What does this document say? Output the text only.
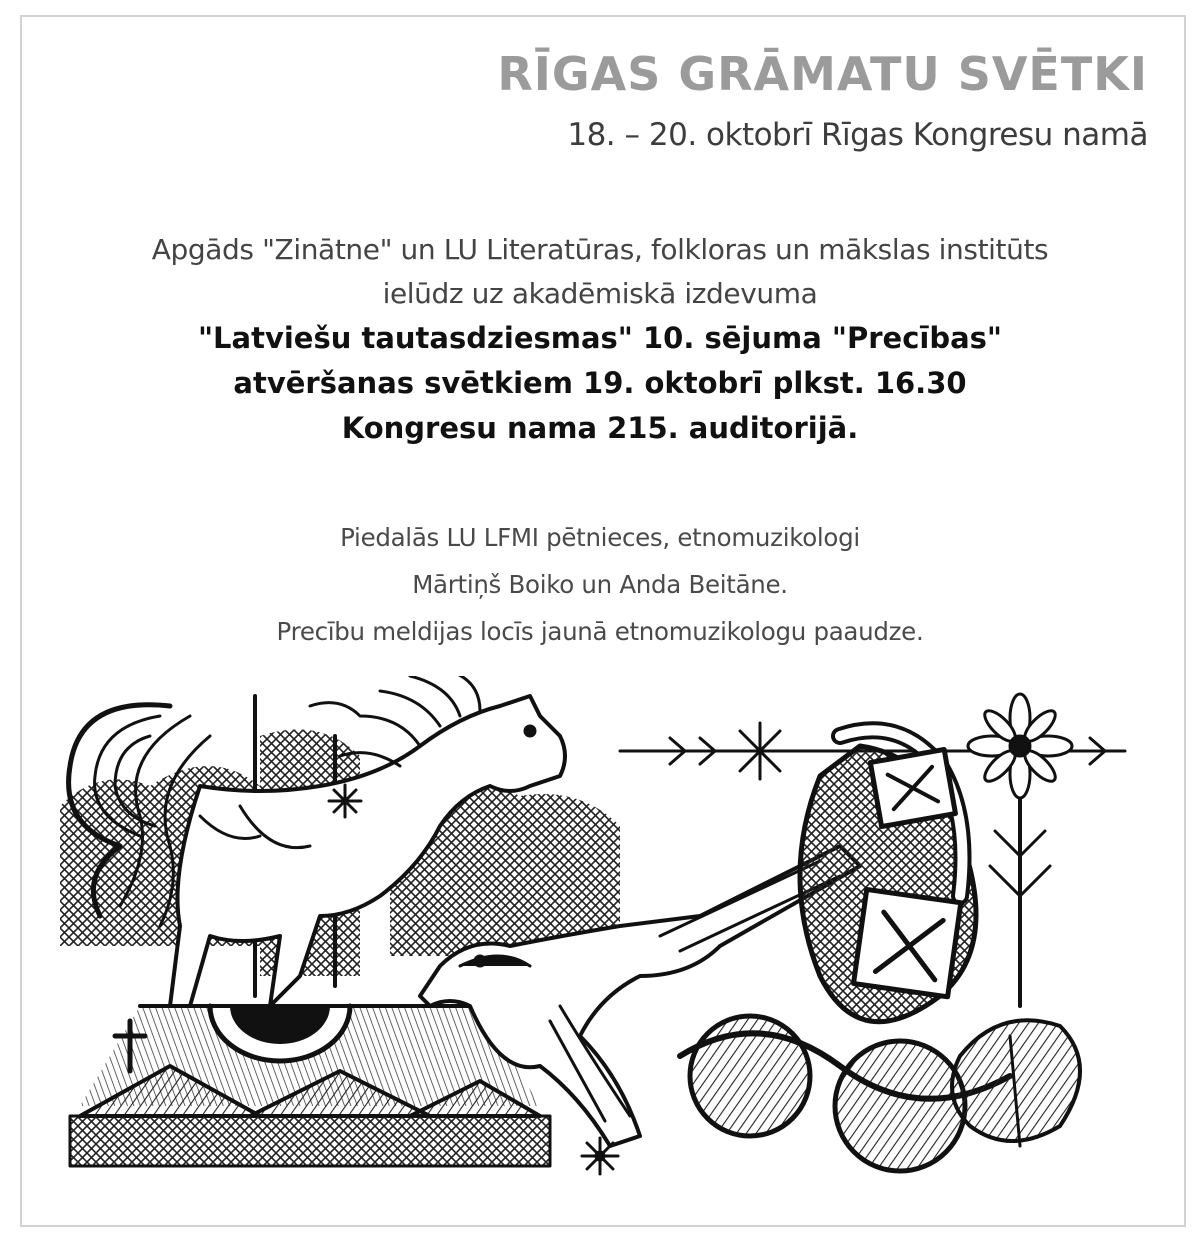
RĪGAS GRĀMATU SVĒTKI
18. – 20. oktobrī Rīgas Kongresu namā

Apgāds "Zinātne" un LU Literatūras, folkloras un mākslas institūts

ielūdz uz akadēmiskā izdevuma

"Latviešu tautasdziesmas" 10. sējuma "Precības"

atvēršanas svētkiem 19. oktobrī plkst. 16.30

Kongresu nama 215. auditorijā.

Piedalās LU LFMI pētnieces, etnomuzikologi

Mārtiņš Boiko un Anda Beitāne.

Precību meldijas locīs jaunā etnomuzikologu paaudze.
